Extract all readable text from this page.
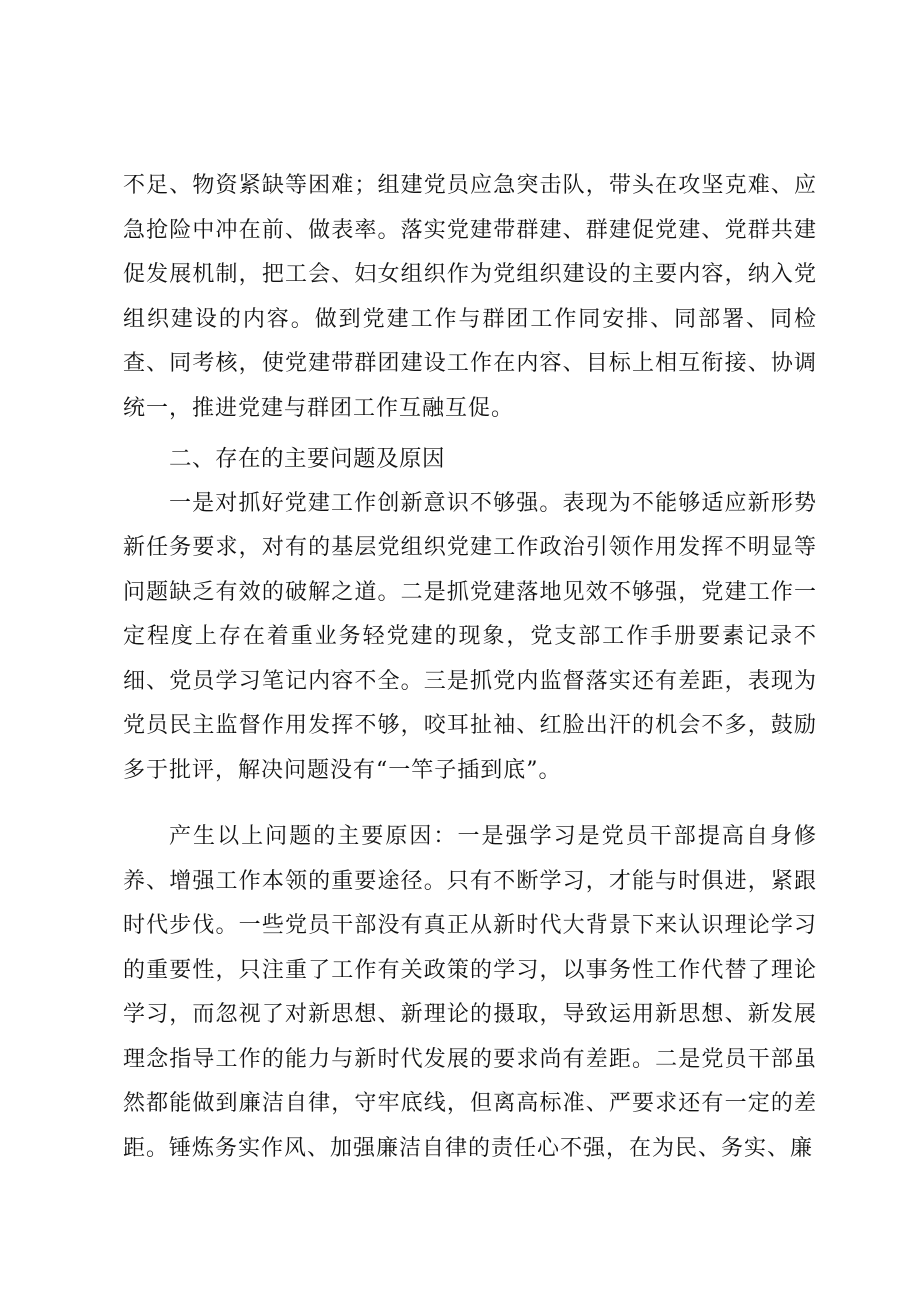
不足、物资紧缺等困难；组建党员应急突击队，带头在攻坚克难、应急抢险中冲在前、做表率。落实党建带群建、群建促党建、党群共建促发展机制，把工会、妇女组织作为党组织建设的主要内容，纳入党组织建设的内容。做到党建工作与群团工作同安排、同部署、同检查、同考核，使党建带群团建设工作在内容、目标上相互衔接、协调统一，推进党建与群团工作互融互促。

二、存在的主要问题及原因

一是对抓好党建工作创新意识不够强。表现为不能够适应新形势新任务要求，对有的基层党组织党建工作政治引领作用发挥不明显等问题缺乏有效的破解之道。二是抓党建落地见效不够强，党建工作一定程度上存在着重业务轻党建的现象，党支部工作手册要素记录不细、党员学习笔记内容不全。三是抓党内监督落实还有差距，表现为党员民主监督作用发挥不够，咬耳扯袖、红脸出汗的机会不多，鼓励多于批评，解决问题没有“一竿子插到底”。

产生以上问题的主要原因：一是强学习是党员干部提高自身修养、增强工作本领的重要途径。只有不断学习，才能与时俱进，紧跟时代步伐。一些党员干部没有真正从新时代大背景下来认识理论学习的重要性，只注重了工作有关政策的学习，以事务性工作代替了理论学习，而忽视了对新思想、新理论的摄取，导致运用新思想、新发展理念指导工作的能力与新时代发展的要求尚有差距。二是党员干部虽然都能做到廉洁自律，守牢底线，但离高标准、严要求还有一定的差距。锤炼务实作风、加强廉洁自律的责任心不强，在为民、务实、廉
